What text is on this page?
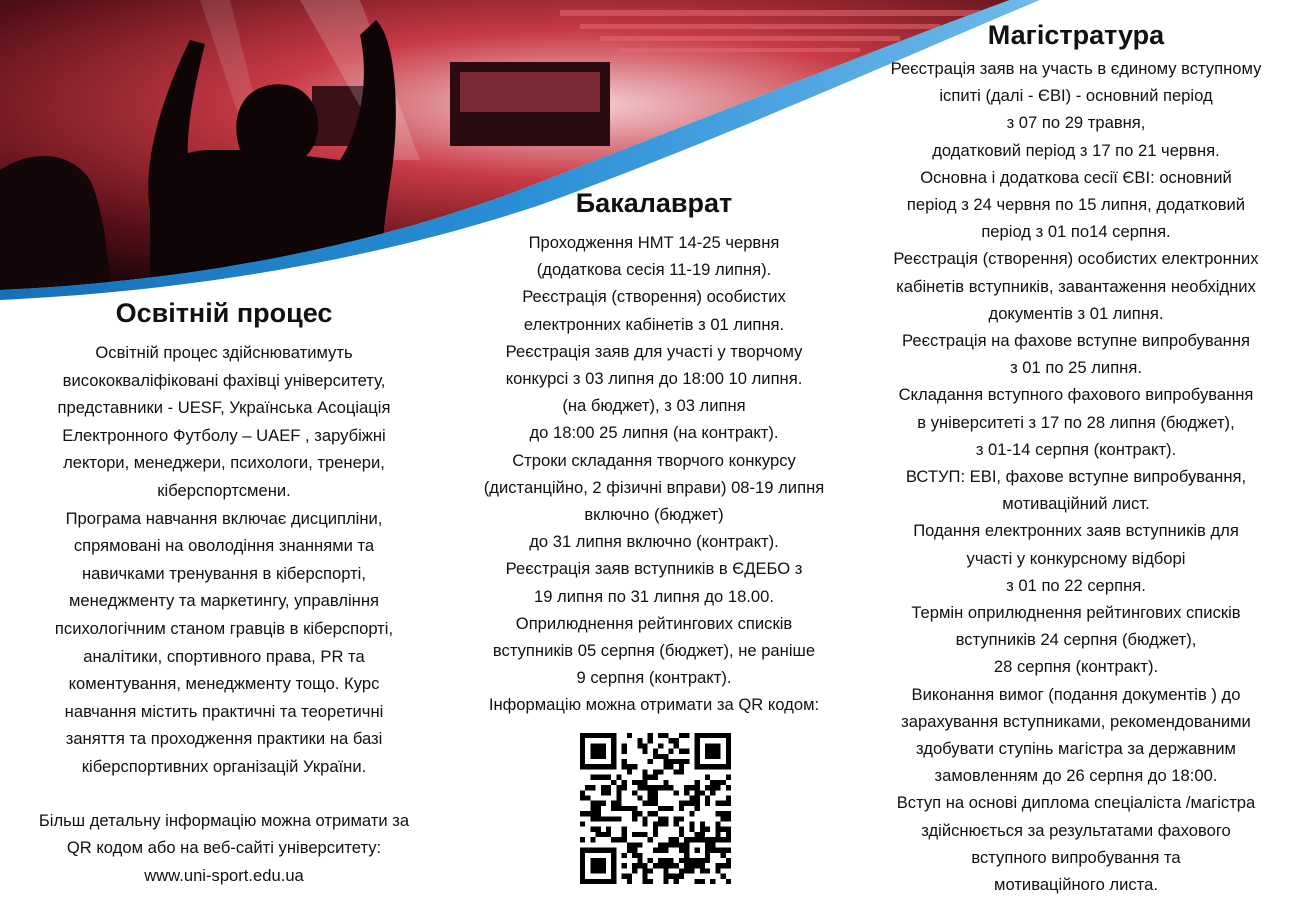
Освітній процес
Освітній процес здійснюватимуть
висококваліфіковані фахівці університету,
представники - UESF, Українська Асоціація
Електронного Футболу – UAEF , зарубіжні
лектори, менеджери, психологи, тренери,
кіберспортсмени.
Програма навчання включає дисципліни,
спрямовані на оволодіння знаннями та
навичками тренування в кіберспорті,
менеджменту та маркетингу, управління
психологічним станом гравців в кіберспорті,
аналітики, спортивного права, PR та
коментування, менеджменту тощо. Курс
навчання містить практичні та теоретичні
заняття та проходження практики на базі
кіберспортивних організацій України.
Більш детальну інформацію можна отримати за
QR кодом або на веб-сайті університету:
www.uni-sport.edu.ua
Бакалаврат
Проходження НМТ 14-25 червня
(додаткова сесія 11-19 липня).
Реєстрація (створення) особистих
електронних кабінетів з 01 липня.
Реєстрація заяв для участі у творчому
конкурсі з 03 липня до 18:00 10 липня.
(на бюджет), з 03 липня
до 18:00 25 липня (на контракт).
Строки складання творчого конкурсу
(дистанційно, 2 фізичні вправи) 08-19 липня
включно (бюджет)
до 31 липня включно (контракт).
Реєстрація заяв вступників в ЄДЕБО з
19 липня по 31 липня до 18.00.
Оприлюднення рейтингових списків
вступників 05 серпня (бюджет), не раніше
9 серпня (контракт).
Інформацію можна отримати за QR кодом:
Магістратура
Реєстрація заяв на участь в єдиному вступному
іспиті (далі - ЄВІ) - основний період
з 07 по 29 травня,
додатковий період з 17 по 21 червня.
Основна і додаткова сесії ЄВІ: основний
період з 24 червня по 15 липня, додатковий
період з 01 по14 серпня.
Реєстрація (створення) особистих електронних
кабінетів вступників, завантаження необхідних
документів з 01 липня.
Реєстрація на фахове вступне випробування
з 01 по 25 липня.
Складання вступного фахового випробування
в університеті з 17 по 28 липня (бюджет),
з 01-14 серпня (контракт).
ВСТУП: ЕВІ, фахове вступне випробування,
мотиваційний лист.
Подання електронних заяв вступників для
участі у конкурсному відборі
з 01 по 22 серпня.
Термін оприлюднення рейтингових списків
вступників 24 серпня (бюджет),
28 серпня (контракт).
Виконання вимог (подання документів ) до
зарахування вступниками, рекомендованими
здобувати ступінь магістра за державним
замовленням до 26 серпня до 18:00.
Вступ на основі диплома спеціаліста /магістра
здійснюється за результатами фахового
вступного випробування та
мотиваційного листа.
